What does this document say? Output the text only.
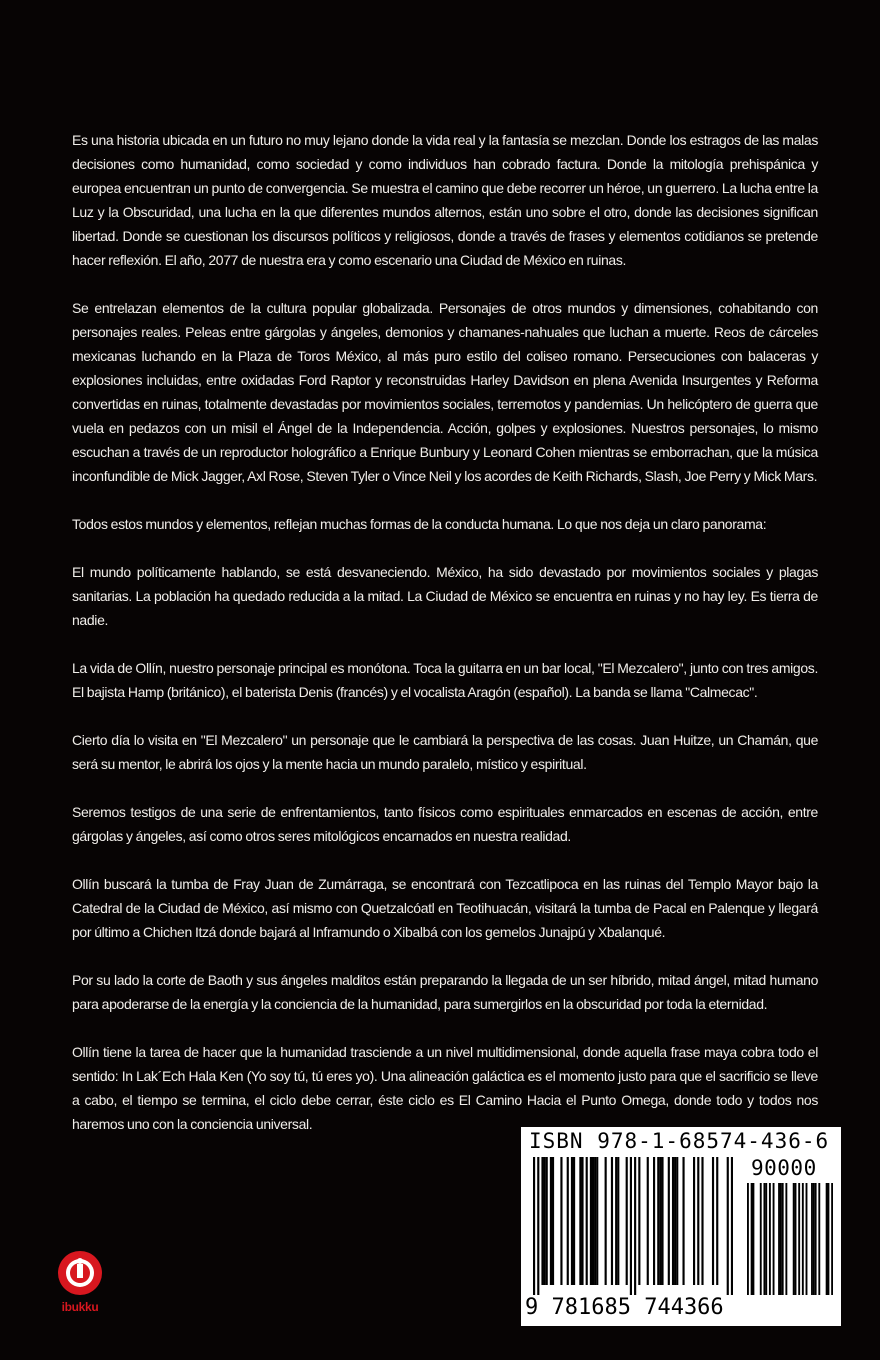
Es una historia ubicada en un futuro no muy lejano donde la vida real y la fantasía se mezclan. Donde los estragos de las malas decisiones como humanidad, como sociedad y como individuos han cobrado factura. Donde la mitología prehispánica y europea encuentran un punto de convergencia. Se muestra el camino que debe recorrer un héroe, un guerrero. La lucha entre la Luz y la Obscuridad, una lucha en la que diferentes mundos alternos, están uno sobre el otro, donde las decisiones significan libertad. Donde se cuestionan los discursos políticos y religiosos, donde a través de frases y elementos cotidianos se pretende hacer reflexión. El año, 2077 de nuestra era y como escenario una Ciudad de México en ruinas.

Se entrelazan elementos de la cultura popular globalizada. Personajes de otros mundos y dimensiones, cohabitando con personajes reales. Peleas entre gárgolas y ángeles, demonios y chamanes-nahuales que luchan a muerte. Reos de cárceles mexicanas luchando en la Plaza de Toros México, al más puro estilo del coliseo romano. Persecuciones con balaceras y explosiones incluidas, entre oxidadas Ford Raptor y reconstruidas Harley Davidson en plena Avenida Insurgentes y Reforma convertidas en ruinas, totalmente devastadas por movimientos sociales, terremotos y pandemias. Un helicóptero de guerra que vuela en pedazos con un misil el Ángel de la Independencia. Acción, golpes y explosiones. Nuestros personajes, lo mismo escuchan a través de un reproductor holográfico a Enrique Bunbury y Leonard Cohen mientras se emborrachan, que la música inconfundible de Mick Jagger, Axl Rose, Steven Tyler o Vince Neil y los acordes de Keith Richards, Slash, Joe Perry y Mick Mars.

Todos estos mundos y elementos, reflejan muchas formas de la conducta humana. Lo que nos deja un claro panorama:

El mundo políticamente hablando, se está desvaneciendo. México, ha sido devastado por movimientos sociales y plagas sanitarias. La población ha quedado reducida a la mitad. La Ciudad de México se encuentra en ruinas y no hay ley. Es tierra de nadie.

La vida de Ollín, nuestro personaje principal es monótona. Toca la guitarra en un bar local, "El Mezcalero", junto con tres amigos. El bajista Hamp (británico), el baterista Denis (francés) y el vocalista Aragón (español). La banda se llama "Calmecac".

Cierto día lo visita en "El Mezcalero" un personaje que le cambiará la perspectiva de las cosas. Juan Huitze, un Chamán, que será su mentor, le abrirá los ojos y la mente hacia un mundo paralelo, místico y espiritual.

Seremos testigos de una serie de enfrentamientos, tanto físicos como espirituales enmarcados en escenas de acción, entre gárgolas y ángeles, así como otros seres mitológicos encarnados en nuestra realidad.

Ollín buscará la tumba de Fray Juan de Zumárraga, se encontrará con Tezcatlipoca en las ruinas del Templo Mayor bajo la Catedral de la Ciudad de México, así mismo con Quetzalcóatl en Teotihuacán, visitará la tumba de Pacal en Palenque y llegará por último a Chichen Itzá donde bajará al Inframundo o Xibalbá con los gemelos Junajpú y Xbalanqué.

Por su lado la corte de Baoth y sus ángeles malditos están preparando la llegada de un ser híbrido, mitad ángel, mitad humano para apoderarse de la energía y la conciencia de la humanidad, para sumergirlos en la obscuridad por toda la eternidad.

Ollín tiene la tarea de hacer que la humanidad trasciende a un nivel multidimensional, donde aquella frase maya cobra todo el sentido: In Lak´Ech Hala Ken (Yo soy tú, tú eres yo). Una alineación galáctica es el momento justo para que el sacrificio se lleve a cabo, el tiempo se termina, el ciclo debe cerrar, éste ciclo es El Camino Hacia el Punto Omega, donde todo y todos nos haremos uno con la conciencia universal.

ISBN 978-1-68574-436-6
90000
9 781685 744366
ibukku
